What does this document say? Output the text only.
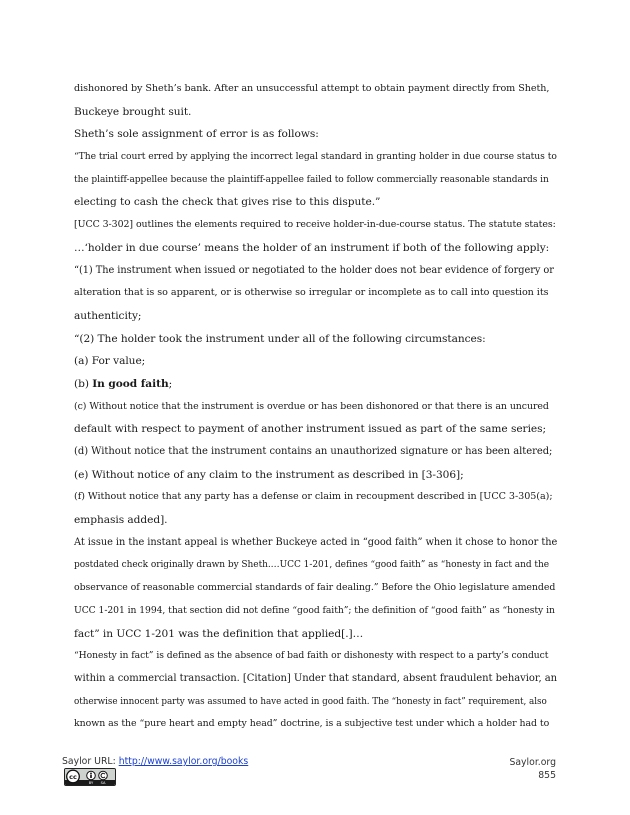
dishonored by Sheth’s bank. After an unsuccessful attempt to obtain payment directly from Sheth,
Buckeye brought suit.
Sheth’s sole assignment of error is as follows:
“The trial court erred by applying the incorrect legal standard in granting holder in due course status to
the plaintiff-appellee because the plaintiff-appellee failed to follow commercially reasonable standards in
electing to cash the check that gives rise to this dispute.”
[UCC 3-302] outlines the elements required to receive holder-in-due-course status. The statute states:
…‘holder in due course’ means the holder of an instrument if both of the following apply:
“(1) The instrument when issued or negotiated to the holder does not bear evidence of forgery or
alteration that is so apparent, or is otherwise so irregular or incomplete as to call into question its
authenticity;
“(2) The holder took the instrument under all of the following circumstances:
(a) For value;
(b) In good faith;
(c) Without notice that the instrument is overdue or has been dishonored or that there is an uncured
default with respect to payment of another instrument issued as part of the same series;
(d) Without notice that the instrument contains an unauthorized signature or has been altered;
(e) Without notice of any claim to the instrument as described in [3-306];
(f) Without notice that any party has a defense or claim in recoupment described in [UCC 3-305(a);
emphasis added].
At issue in the instant appeal is whether Buckeye acted in “good faith” when it chose to honor the
postdated check originally drawn by Sheth.…UCC 1-201, defines “good faith” as “honesty in fact and the
observance of reasonable commercial standards of fair dealing.” Before the Ohio legislature amended
UCC 1-201 in 1994, that section did not define “good faith”; the definition of “good faith” as “honesty in
fact” in UCC 1-201 was the definition that applied[.]…
“Honesty in fact” is defined as the absence of bad faith or dishonesty with respect to a party’s conduct
within a commercial transaction. [Citation] Under that standard, absent fraudulent behavior, an
otherwise innocent party was assumed to have acted in good faith. The “honesty in fact” requirement, also
known as the “pure heart and empty head” doctrine, is a subjective test under which a holder had to
Saylor URL: http://www.saylor.org/books
cc
BY SA
Saylor.org
855
